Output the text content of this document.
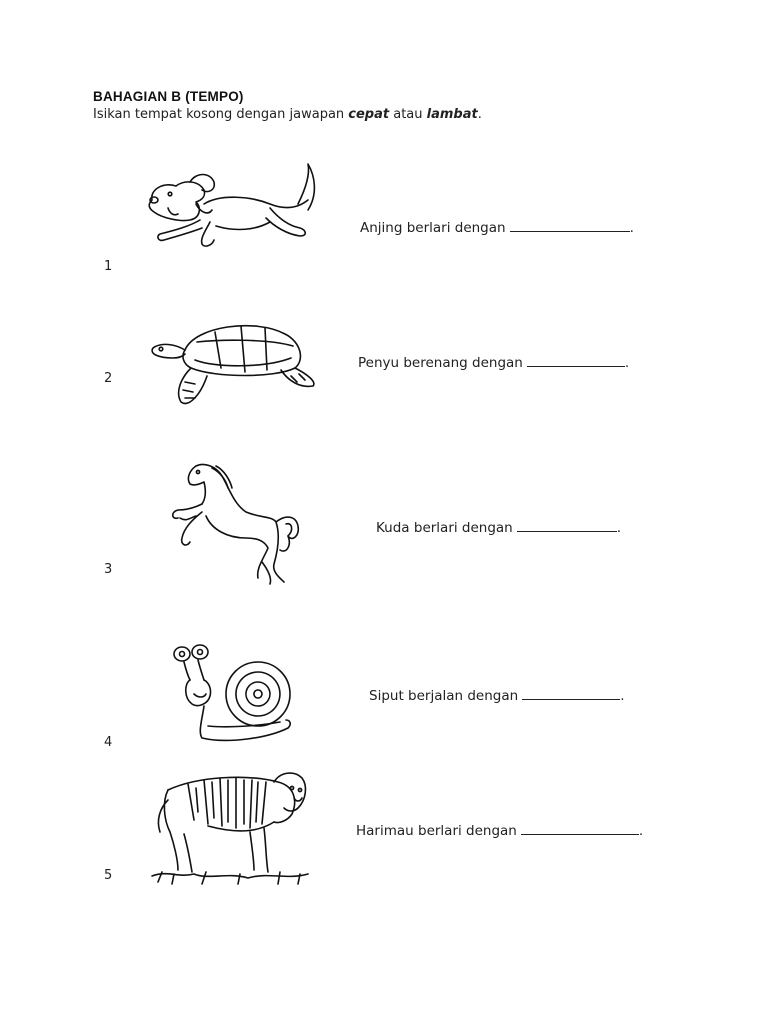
BAHAGIAN B (TEMPO)
Isikan tempat kosong dengan jawapan cepat atau lambat.
1
Anjing berlari dengan	.
2
Penyu berenang dengan	.
3
Kuda berlari dengan	.
4
Siput berjalan dengan	.
5
Harimau berlari dengan	.
